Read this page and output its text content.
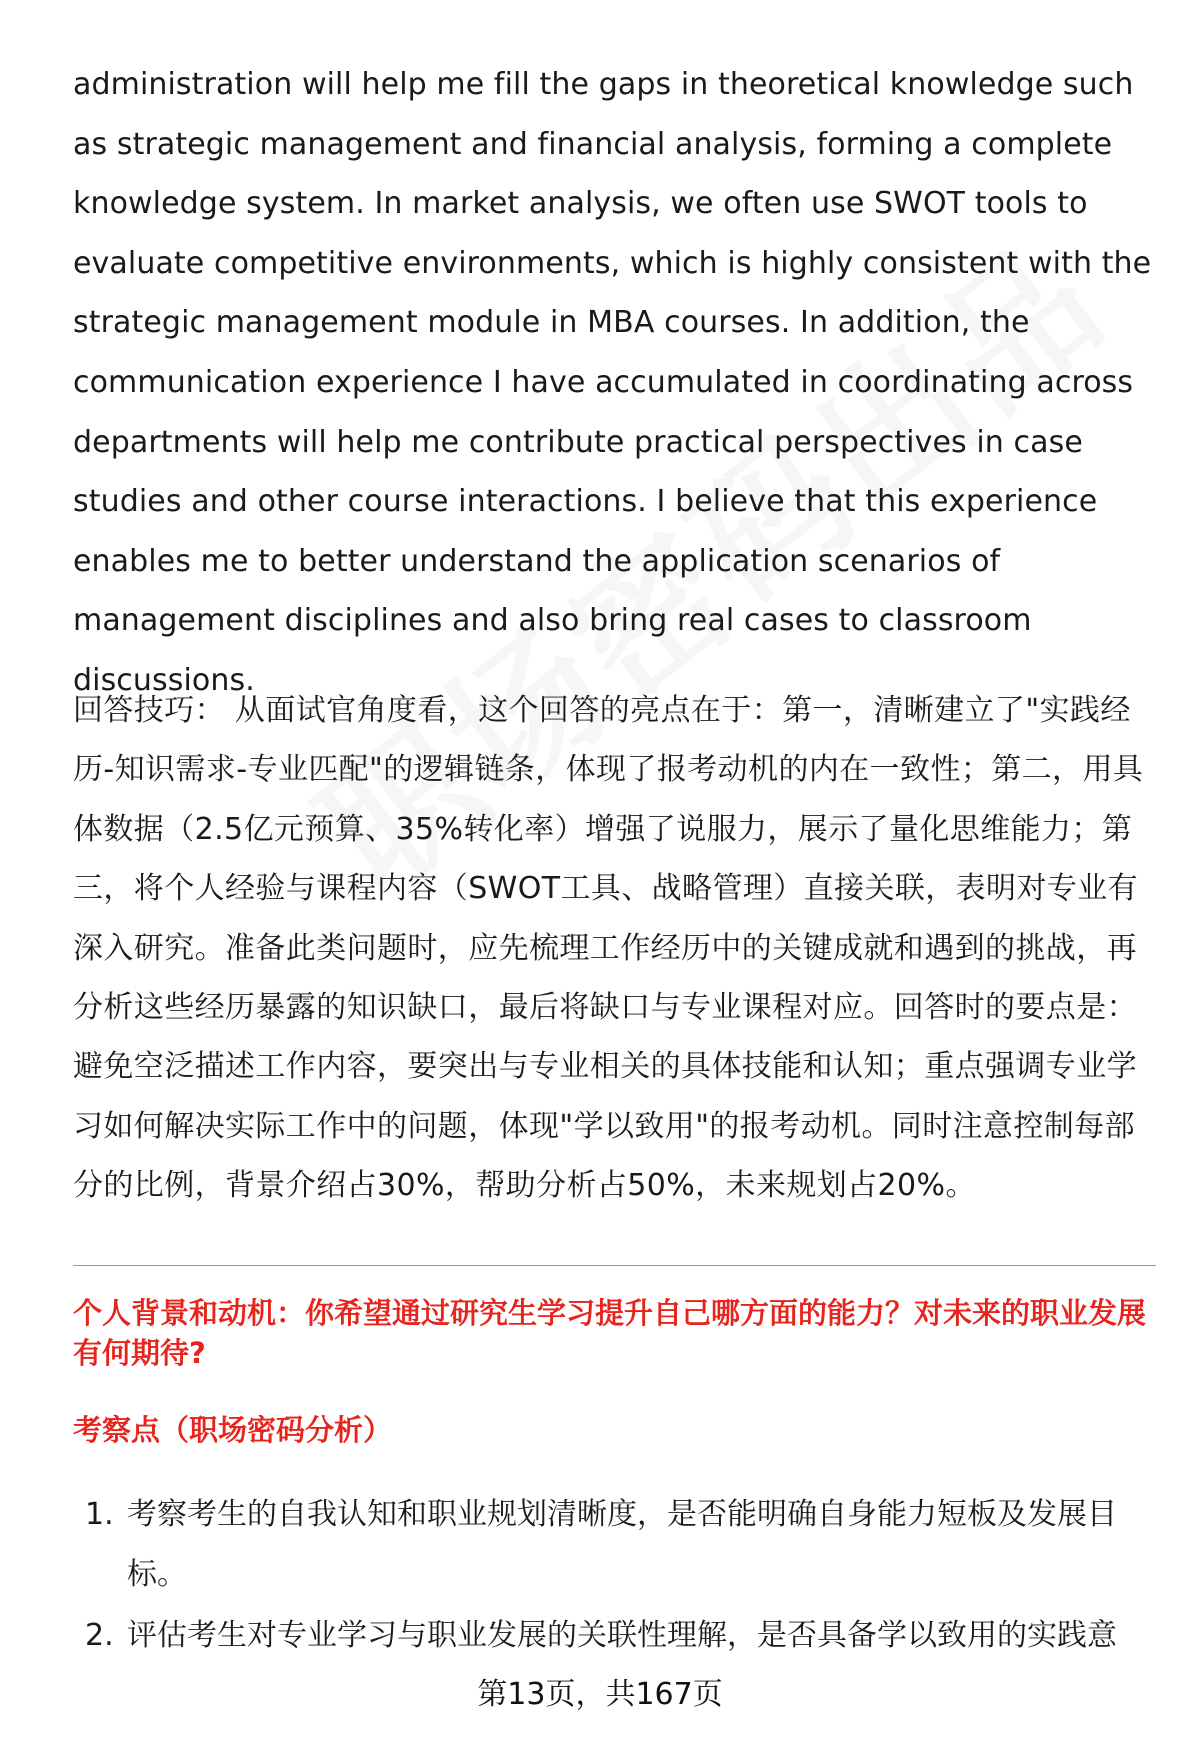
administration will help me fill the gaps in theoretical knowledge such as strategic management and financial analysis, forming a complete knowledge system. In market analysis, we often use SWOT tools to evaluate competitive environments, which is highly consistent with the strategic management module in MBA courses. In addition, the communication experience I have accumulated in coordinating across departments will help me contribute practical perspectives in case studies and other course interactions. I believe that this experience enables me to better understand the application scenarios of management disciplines and also bring real cases to classroom discussions.

回答技巧： 从面试官角度看，这个回答的亮点在于：第一，清晰建立了"实践经历-知识需求-专业匹配"的逻辑链条，体现了报考动机的内在一致性；第二，用具体数据（2.5亿元预算、35%转化率）增强了说服力，展示了量化思维能力；第三，将个人经验与课程内容（SWOT工具、战略管理）直接关联，表明对专业有深入研究。准备此类问题时，应先梳理工作经历中的关键成就和遇到的挑战，再分析这些经历暴露的知识缺口，最后将缺口与专业课程对应。回答时的要点是：避免空泛描述工作内容，要突出与专业相关的具体技能和认知；重点强调专业学习如何解决实际工作中的问题，体现"学以致用"的报考动机。同时注意控制每部分的比例，背景介绍占30%，帮助分析占50%，未来规划占20%。

个人背景和动机：你希望通过研究生学习提升自己哪方面的能力？对未来的职业发展有何期待?
考察点（职场密码分析）
1. 考察考生的自我认知和职业规划清晰度，是否能明确自身能力短板及发展目标。
2. 评估考生对专业学习与职业发展的关联性理解，是否具备学以致用的实践意
第13页，共167页
